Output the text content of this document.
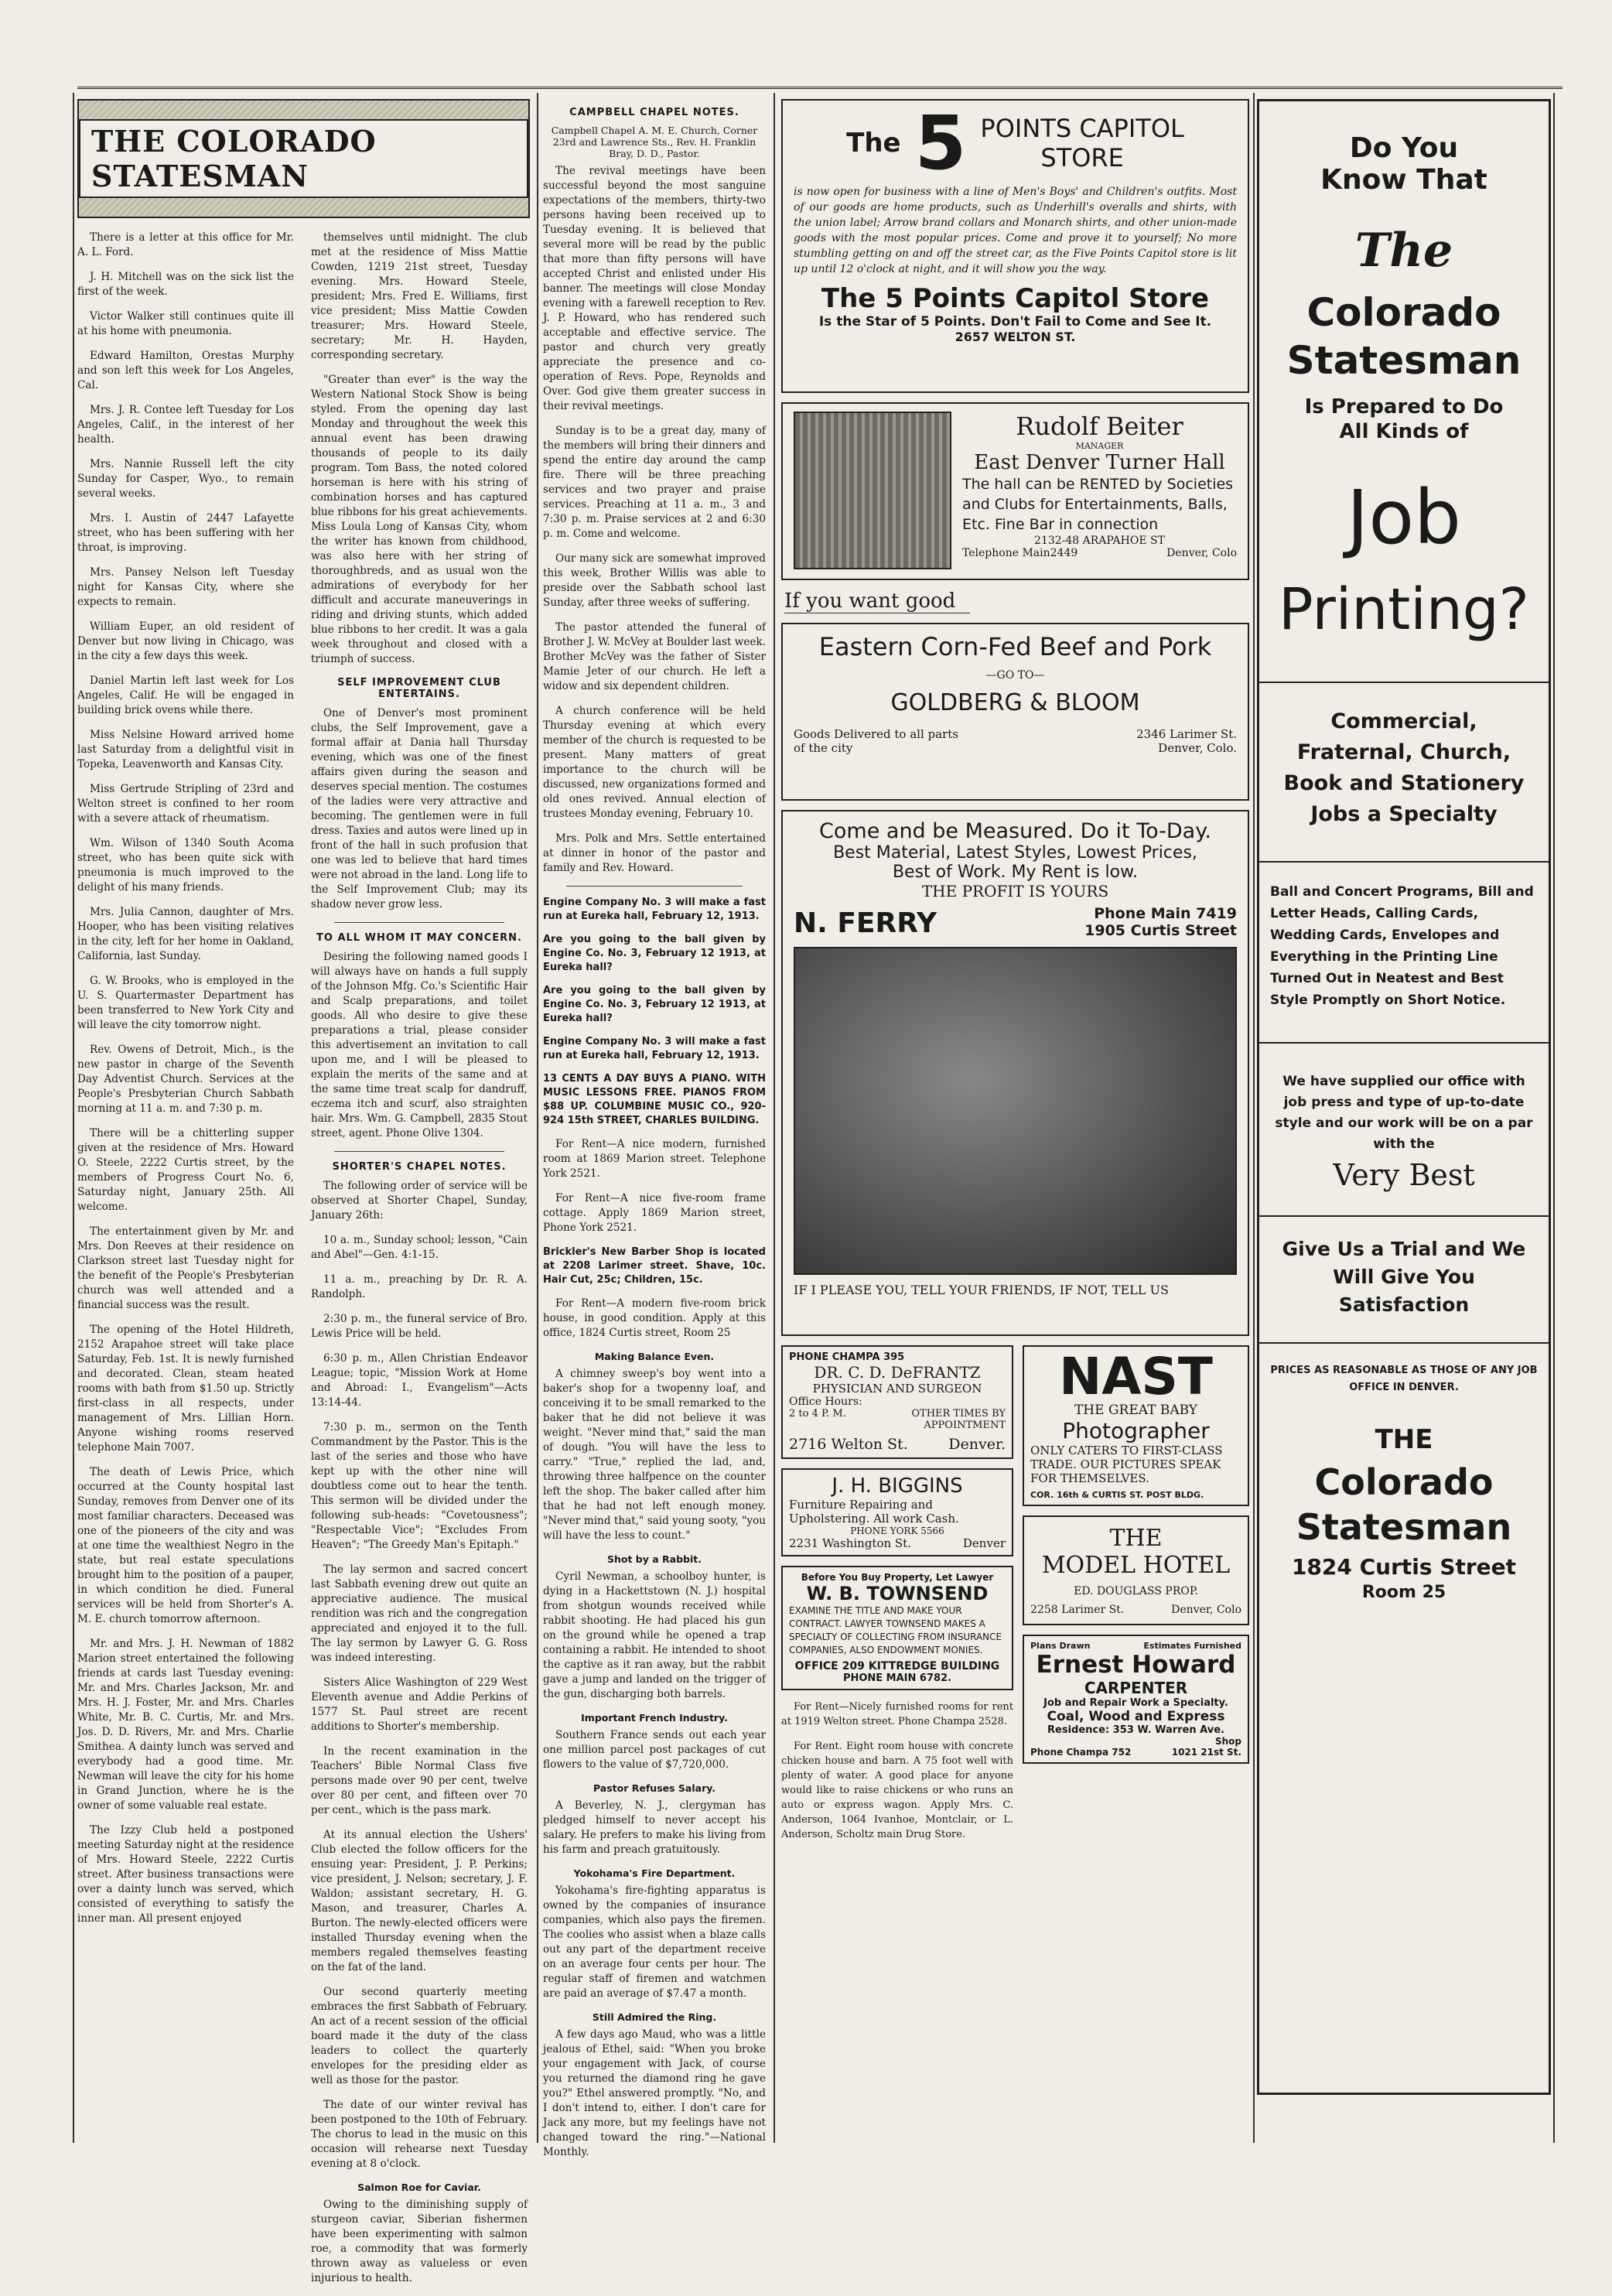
THE COLORADO STATESMAN
There is a letter at this office for Mr. A. L. Ford.
J. H. Mitchell was on the sick list the first of the week.
Victor Walker still continues quite ill at his home with pneumonia.
Edward Hamilton, Orestas Murphy and son left this week for Los Angeles, Cal.
Mrs. J. R. Contee left Tuesday for Los Angeles, Calif., in the interest of her health.
Mrs. Nannie Russell left the city Sunday for Casper, Wyo., to remain several weeks.
Mrs. I. Austin of 2447 Lafayette street, who has been suffering with her throat, is improving.
Mrs. Pansey Nelson left Tuesday night for Kansas City, where she expects to remain.
William Euper, an old resident of Denver but now living in Chicago, was in the city a few days this week.
Daniel Martin left last week for Los Angeles, Calif. He will be engaged in building brick ovens while there.
Miss Nelsine Howard arrived home last Saturday from a delightful visit in Topeka, Leavenworth and Kansas City.
Miss Gertrude Stripling of 23rd and Welton street is confined to her room with a severe attack of rheumatism.
Wm. Wilson of 1340 South Acoma street, who has been quite sick with pneumonia is much improved to the delight of his many friends.
Mrs. Julia Cannon, daughter of Mrs. Hooper, who has been visiting relatives in the city, left for her home in Oakland, California, last Sunday.
G. W. Brooks, who is employed in the U. S. Quartermaster Department has been transferred to New York City and will leave the city tomorrow night.
Rev. Owens of Detroit, Mich., is the new pastor in charge of the Seventh Day Adventist Church. Services at the People's Presbyterian Church Sabbath morning at 11 a. m. and 7:30 p. m.
There will be a chitterling supper given at the residence of Mrs. Howard O. Steele, 2222 Curtis street, by the members of Progress Court No. 6, Saturday night, January 25th. All welcome.
The entertainment given by Mr. and Mrs. Don Reeves at their residence on Clarkson street last Tuesday night for the benefit of the People's Presbyterian church was well attended and a financial success was the result.
The opening of the Hotel Hildreth, 2152 Arapahoe street will take place Saturday, Feb. 1st. It is newly furnished and decorated. Clean, steam heated rooms with bath from $1.50 up. Strictly first-class in all respects, under management of Mrs. Lillian Horn. Anyone wishing rooms reserved telephone Main 7007.
The death of Lewis Price, which occurred at the County hospital last Sunday, removes from Denver one of its most familiar characters. Deceased was one of the pioneers of the city and was at one time the wealthiest Negro in the state, but real estate speculations brought him to the position of a pauper, in which condition he died. Funeral services will be held from Shorter's A. M. E. church tomorrow afternoon.
Mr. and Mrs. J. H. Newman of 1882 Marion street entertained the following friends at cards last Tuesday evening: Mr. and Mrs. Charles Jackson, Mr. and Mrs. H. J. Foster, Mr. and Mrs. Charles White, Mr. B. C. Curtis, Mr. and Mrs. Jos. D. D. Rivers, Mr. and Mrs. Charlie Smithea. A dainty lunch was served and everybody had a good time. Mr. Newman will leave the city for his home in Grand Junction, where he is the owner of some valuable real estate.
The Izzy Club held a postponed meeting Saturday night at the residence of Mrs. Howard Steele, 2222 Curtis street. After business transactions were over a dainty lunch was served, which consisted of everything to satisfy the inner man. All present enjoyed
themselves until midnight. The club met at the residence of Miss Mattie Cowden, 1219 21st street, Tuesday evening. Mrs. Howard Steele, president; Mrs. Fred E. Williams, first vice president; Miss Mattie Cowden treasurer; Mrs. Howard Steele, secretary; Mr. H. Hayden, corresponding secretary.
"Greater than ever" is the way the Western National Stock Show is being styled. From the opening day last Monday and throughout the week this annual event has been drawing thousands of people to its daily program. Tom Bass, the noted colored horseman is here with his string of combination horses and has captured blue ribbons for his great achievements. Miss Loula Long of Kansas City, whom the writer has known from childhood, was also here with her string of thoroughbreds, and as usual won the admirations of everybody for her difficult and accurate maneuverings in riding and driving stunts, which added blue ribbons to her credit. It was a gala week throughout and closed with a triumph of success.
SELF IMPROVEMENT CLUB ENTERTAINS.
One of Denver's most prominent clubs, the Self Improvement, gave a formal affair at Dania hall Thursday evening, which was one of the finest affairs given during the season and deserves special mention. The costumes of the ladies were very attractive and becoming. The gentlemen were in full dress. Taxies and autos were lined up in front of the hall in such profusion that one was led to believe that hard times were not abroad in the land. Long life to the Self Improvement Club; may its shadow never grow less.
TO ALL WHOM IT MAY CONCERN.
Desiring the following named goods I will always have on hands a full supply of the Johnson Mfg. Co.'s Scientific Hair and Scalp preparations, and toilet goods. All who desire to give these preparations a trial, please consider this advertisement an invitation to call upon me, and I will be pleased to explain the merits of the same and at the same time treat scalp for dandruff, eczema itch and scurf, also straighten hair. Mrs. Wm. G. Campbell, 2835 Stout street, agent. Phone Olive 1304.
SHORTER'S CHAPEL NOTES.
The following order of service will be observed at Shorter Chapel, Sunday, January 26th:
10 a. m., Sunday school; lesson, "Cain and Abel"—Gen. 4:1-15.
11 a. m., preaching by Dr. R. A. Randolph.
2:30 p. m., the funeral service of Bro. Lewis Price will be held.
6:30 p. m., Allen Christian Endeavor League; topic, "Mission Work at Home and Abroad: I., Evangelism"—Acts 13:14-44.
7:30 p. m., sermon on the Tenth Commandment by the Pastor. This is the last of the series and those who have kept up with the other nine will doubtless come out to hear the tenth. This sermon will be divided under the following sub-heads: "Covetousness"; "Respectable Vice"; "Excludes From Heaven"; "The Greedy Man's Epitaph."
The lay sermon and sacred concert last Sabbath evening drew out quite an appreciative audience. The musical rendition was rich and the congregation appreciated and enjoyed it to the full. The lay sermon by Lawyer G. G. Ross was indeed interesting.
Sisters Alice Washington of 229 West Eleventh avenue and Addie Perkins of 1577 St. Paul street are recent additions to Shorter's membership.
In the recent examination in the Teachers' Bible Normal Class five persons made over 90 per cent, twelve over 80 per cent, and fifteen over 70 per cent., which is the pass mark.
At its annual election the Ushers' Club elected the follow officers for the ensuing year: President, J. P. Perkins; vice president, J. Nelson; secretary, J. F. Waldon; assistant secretary, H. G. Mason, and treasurer, Charles A. Burton. The newly-elected officers were installed Thursday evening when the members regaled themselves feasting on the fat of the land.
Our second quarterly meeting embraces the first Sabbath of February. An act of a recent session of the official board made it the duty of the class leaders to collect the quarterly envelopes for the presiding elder as well as those for the pastor.
The date of our winter revival has been postponed to the 10th of February. The chorus to lead in the music on this occasion will rehearse next Tuesday evening at 8 o'clock.
Salmon Roe for Caviar.
Owing to the diminishing supply of sturgeon caviar, Siberian fishermen have been experimenting with salmon roe, a commodity that was formerly thrown away as valueless or even injurious to health.
CAMPBELL CHAPEL NOTES.
Campbell Chapel A. M. E. Church, Corner 23rd and Lawrence Sts., Rev. H. Franklin Bray, D. D., Pastor.
The revival meetings have been successful beyond the most sanguine expectations of the members, thirty-two persons having been received up to Tuesday evening. It is believed that several more will be read by the public that more than fifty persons will have accepted Christ and enlisted under His banner. The meetings will close Monday evening with a farewell reception to Rev. J. P. Howard, who has rendered such acceptable and effective service. The pastor and church very greatly appreciate the presence and co-operation of Revs. Pope, Reynolds and Over. God give them greater success in their revival meetings.
Sunday is to be a great day, many of the members will bring their dinners and spend the entire day around the camp fire. There will be three preaching services and two prayer and praise services. Preaching at 11 a. m., 3 and 7:30 p. m. Praise services at 2 and 6:30 p. m. Come and welcome.
Our many sick are somewhat improved this week, Brother Willis was able to preside over the Sabbath school last Sunday, after three weeks of suffering.
The pastor attended the funeral of Brother J. W. McVey at Boulder last week. Brother McVey was the father of Sister Mamie Jeter of our church. He left a widow and six dependent children.
A church conference will be held Thursday evening at which every member of the church is requested to be present. Many matters of great importance to the church will be discussed, new organizations formed and old ones revived. Annual election of trustees Monday evening, February 10.
Mrs. Polk and Mrs. Settle entertained at dinner in honor of the pastor and family and Rev. Howard.
Engine Company No. 3 will make a fast run at Eureka hall, February 12, 1913.
Are you going to the ball given by Engine Co. No. 3, February 12 1913, at Eureka hall?
Are you going to the ball given by Engine Co. No. 3, February 12 1913, at Eureka hall?
Engine Company No. 3 will make a fast run at Eureka hall, February 12, 1913.
13 CENTS A DAY BUYS A PIANO. WITH MUSIC LESSONS FREE. PIANOS FROM $88 UP. COLUMBINE MUSIC CO., 920-924 15th STREET, CHARLES BUILDING.
For Rent—A nice modern, furnished room at 1869 Marion street. Telephone York 2521.
For Rent—A nice five-room frame cottage. Apply 1869 Marion street, Phone York 2521.
Brickler's New Barber Shop is located at 2208 Larimer street. Shave, 10c. Hair Cut, 25c; Children, 15c.
For Rent—A modern five-room brick house, in good condition. Apply at this office, 1824 Curtis street, Room 25
Making Balance Even.
A chimney sweep's boy went into a baker's shop for a twopenny loaf, and conceiving it to be small remarked to the baker that he did not believe it was weight. "Never mind that," said the man of dough. "You will have the less to carry." "True," replied the lad, and, throwing three halfpence on the counter left the shop. The baker called after him that he had not left enough money. "Never mind that," said young sooty, "you will have the less to count."
Shot by a Rabbit.
Cyril Newman, a schoolboy hunter, is dying in a Hackettstown (N. J.) hospital from shotgun wounds received while rabbit shooting. He had placed his gun on the ground while he opened a trap containing a rabbit. He intended to shoot the captive as it ran away, but the rabbit gave a jump and landed on the trigger of the gun, discharging both barrels.
Important French Industry.
Southern France sends out each year one million parcel post packages of cut flowers to the value of $7,720,000.
Pastor Refuses Salary.
A Beverley, N. J., clergyman has pledged himself to never accept his salary. He prefers to make his living from his farm and preach gratuitously.
Yokohama's Fire Department.
Yokohama's fire-fighting apparatus is owned by the companies of insurance companies, which also pays the firemen. The coolies who assist when a blaze calls out any part of the department receive on an average four cents per hour. The regular staff of firemen and watchmen are paid an average of $7.47 a month.
Still Admired the Ring.
A few days ago Maud, who was a little jealous of Ethel, said: "When you broke your engagement with Jack, of course you returned the diamond ring he gave you?" Ethel answered promptly. "No, and I don't intend to, either. I don't care for Jack any more, but my feelings have not changed toward the ring."—National Monthly.
The 5 POINTS CAPITOL
STORE
is now open for business with a line of Men's Boys' and Children's outfits. Most of our goods are home products, such as Underhill's overalls and shirts, with the union label; Arrow brand collars and Monarch shirts, and other union-made goods with the most popular prices. Come and prove it to yourself; No more stumbling getting on and off the street car, as the Five Points Capitol store is lit up until 12 o'clock at night, and it will show you the way.
The 5 Points Capitol Store
Is the Star of 5 Points. Don't Fail to Come and See It.
2657 WELTON ST.
Rudolf Beiter
MANAGER
East Denver Turner Hall
The hall can be RENTED by Societies and Clubs for Entertainments, Balls, Etc. Fine Bar in connection
2132-48 ARAPAHOE ST
Telephone Main2449	Denver, Colo
If you want good
Eastern Corn-Fed Beef and Pork
—GO TO—
GOLDBERG & BLOOM
Goods Delivered to all parts of the city
2346 Larimer St.
Denver, Colo.
Come and be Measured. Do it To-Day.
Best Material, Latest Styles, Lowest Prices,
Best of Work. My Rent is low.
THE PROFIT IS YOURS
N. FERRY	Phone Main 7419
1905 Curtis Street
IF I PLEASE YOU, TELL YOUR FRIENDS, IF NOT, TELL US
PHONE CHAMPA 395
DR. C. D. DeFRANTZ
PHYSICIAN AND SURGEON
Office Hours:
2 to 4 P. M.	OTHER TIMES BY APPOINTMENT
2716 Welton St.	Denver.
J. H. BIGGINS
Furniture Repairing and Upholstering. All work Cash.
PHONE YORK 5566
2231 Washington St.	Denver
Before You Buy Property, Let Lawyer
W. B. TOWNSEND
EXAMINE THE TITLE AND MAKE YOUR CONTRACT. LAWYER TOWNSEND MAKES A SPECIALTY OF COLLECTING FROM INSURANCE COMPANIES, ALSO ENDOWMENT MONIES.
OFFICE 209 KITTREDGE BUILDING
PHONE MAIN 6782.
For Rent—Nicely furnished rooms for rent at 1919 Welton street. Phone Champa 2528.
For Rent. Eight room house with concrete chicken house and barn. A 75 foot well with plenty of water. A good place for anyone would like to raise chickens or who runs an auto or express wagon. Apply Mrs. C. Anderson, 1064 Ivanhoe, Montclair, or L. Anderson, Scholtz main Drug Store.
NAST
THE GREAT BABY
Photographer
ONLY CATERS TO FIRST-CLASS TRADE. OUR PICTURES SPEAK FOR THEMSELVES.
COR. 16th & CURTIS ST. POST BLDG.
THE
MODEL HOTEL
ED. DOUGLASS PROP.
2258 Larimer St.	Denver, Colo
Plans Drawn	Estimates Furnished
Ernest Howard
CARPENTER
Job and Repair Work a Specialty.
Coal, Wood and Express
Residence: 353 W. Warren Ave.
Phone Champa 752
Shop
1021 21st St.
Do You
Know That
The
Colorado
Statesman
Is Prepared to Do
All Kinds of
Job
Printing?
Commercial, Fraternal, Church, Book and Stationery Jobs a Specialty
Ball and Concert Programs, Bill and Letter Heads, Calling Cards, Wedding Cards, Envelopes and Everything in the Printing Line Turned Out in Neatest and Best Style Promptly on Short Notice.
We have supplied our office with job press and type of up-to-date style and our work will be on a par with the
Very Best
Give Us a Trial and We Will Give You Satisfaction
PRICES AS REASONABLE AS THOSE OF ANY JOB OFFICE IN DENVER.
THE
Colorado
Statesman
1824 Curtis Street
Room 25
